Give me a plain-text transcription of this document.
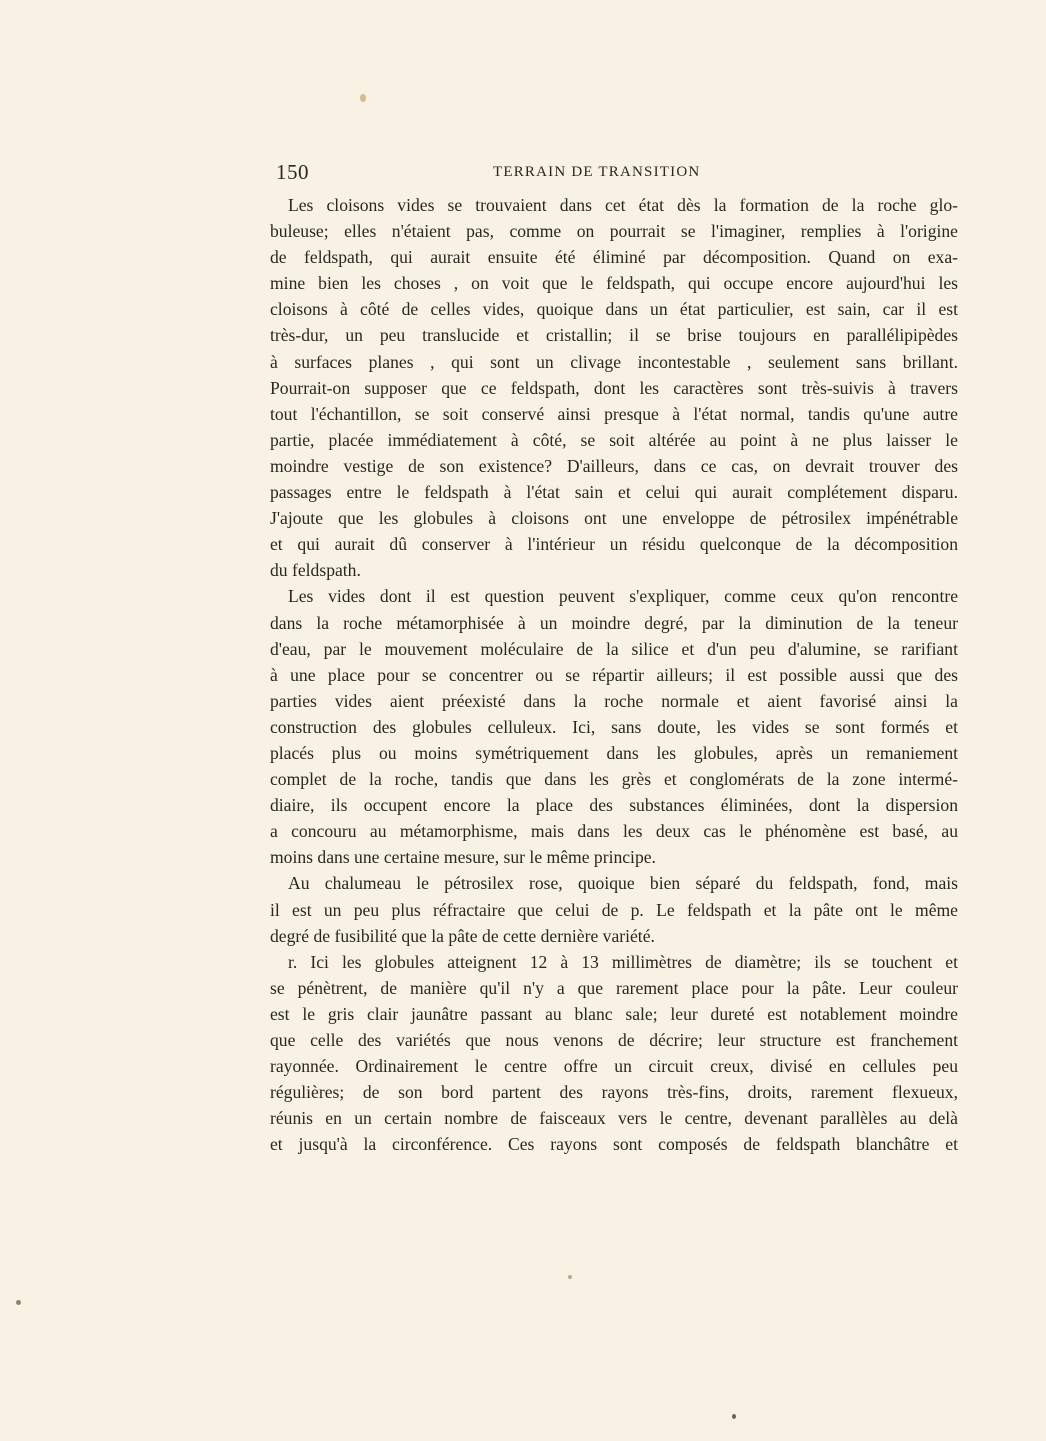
150	TERRAIN DE TRANSITION
Les cloisons vides se trouvaient dans cet état dès la formation de la roche glo-
buleuse; elles n'étaient pas, comme on pourrait se l'imaginer, remplies à l'origine
de feldspath, qui aurait ensuite été éliminé par décomposition. Quand on exa-
mine bien les choses , on voit que le feldspath, qui occupe encore aujourd'hui les
cloisons à côté de celles vides, quoique dans un état particulier, est sain, car il est
très-dur, un peu translucide et cristallin; il se brise toujours en parallélipipèdes
à surfaces planes , qui sont un clivage incontestable , seulement sans brillant.
Pourrait-on supposer que ce feldspath, dont les caractères sont très-suivis à travers
tout l'échantillon, se soit conservé ainsi presque à l'état normal, tandis qu'une autre
partie, placée immédiatement à côté, se soit altérée au point à ne plus laisser le
moindre vestige de son existence? D'ailleurs, dans ce cas, on devrait trouver des
passages entre le feldspath à l'état sain et celui qui aurait complétement disparu.
J'ajoute que les globules à cloisons ont une enveloppe de pétrosilex impénétrable
et qui aurait dû conserver à l'intérieur un résidu quelconque de la décomposition
du feldspath.
Les vides dont il est question peuvent s'expliquer, comme ceux qu'on rencontre
dans la roche métamorphisée à un moindre degré, par la diminution de la teneur
d'eau, par le mouvement moléculaire de la silice et d'un peu d'alumine, se rarifiant
à une place pour se concentrer ou se répartir ailleurs; il est possible aussi que des
parties vides aient préexisté dans la roche normale et aient favorisé ainsi la
construction des globules celluleux. Ici, sans doute, les vides se sont formés et
placés plus ou moins symétriquement dans les globules, après un remaniement
complet de la roche, tandis que dans les grès et conglomérats de la zone intermé-
diaire, ils occupent encore la place des substances éliminées, dont la dispersion
a concouru au métamorphisme, mais dans les deux cas le phénomène est basé, au
moins dans une certaine mesure, sur le même principe.
Au chalumeau le pétrosilex rose, quoique bien séparé du feldspath, fond, mais
il est un peu plus réfractaire que celui de p. Le feldspath et la pâte ont le même
degré de fusibilité que la pâte de cette dernière variété.
r. Ici les globules atteignent 12 à 13 millimètres de diamètre; ils se touchent et
se pénètrent, de manière qu'il n'y a que rarement place pour la pâte. Leur couleur
est le gris clair jaunâtre passant au blanc sale; leur dureté est notablement moindre
que celle des variétés que nous venons de décrire; leur structure est franchement
rayonnée. Ordinairement le centre offre un circuit creux, divisé en cellules peu
régulières; de son bord partent des rayons très-fins, droits, rarement flexueux,
réunis en un certain nombre de faisceaux vers le centre, devenant parallèles au delà
et jusqu'à la circonférence. Ces rayons sont composés de feldspath blanchâtre et
